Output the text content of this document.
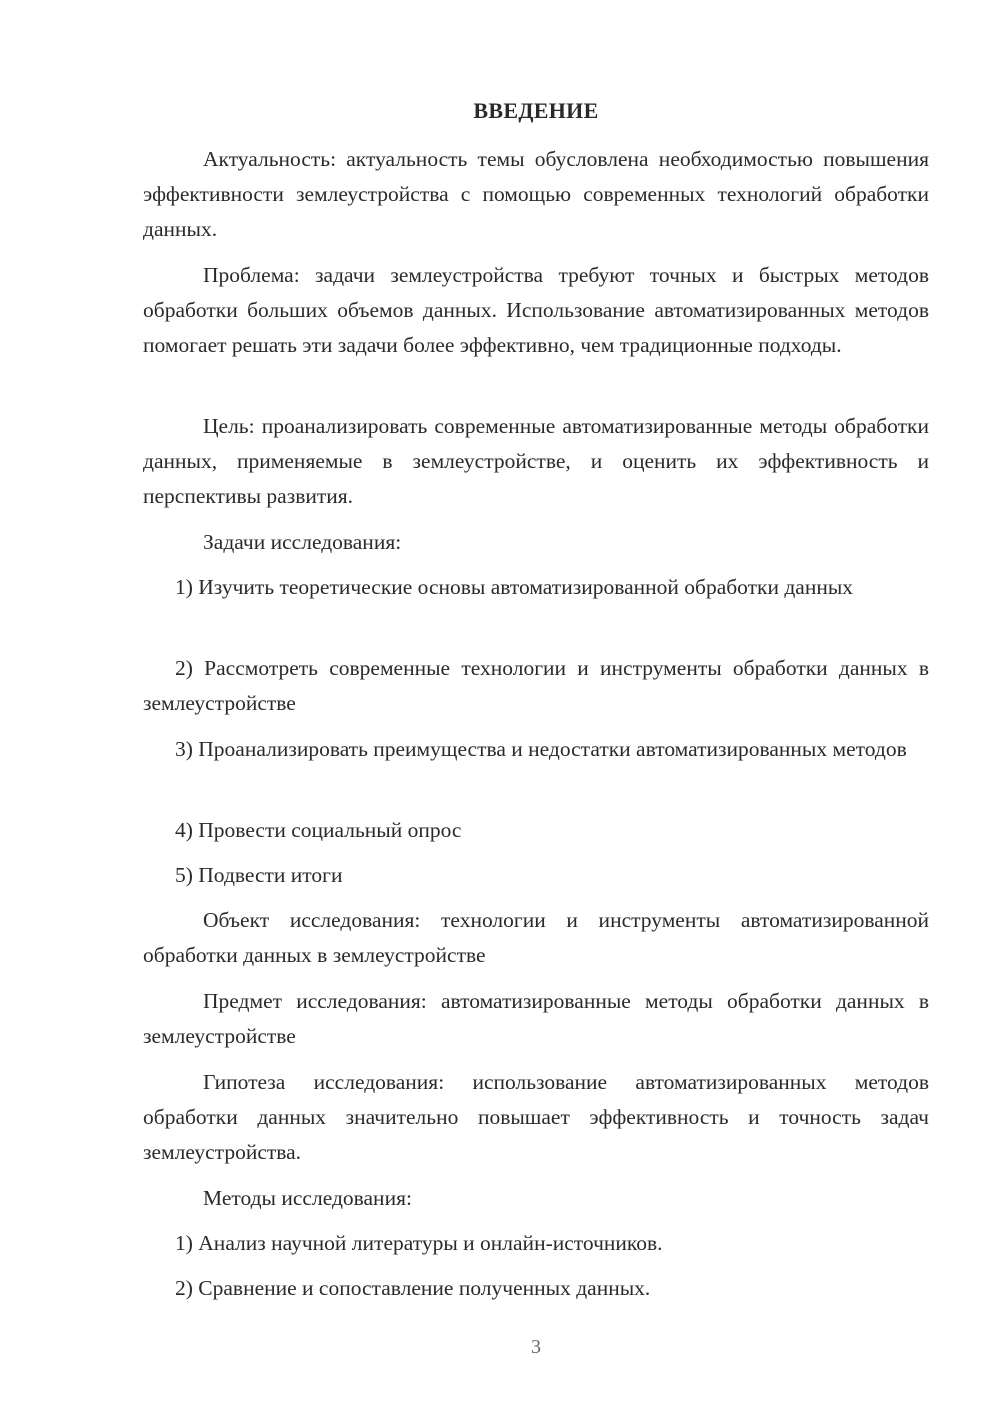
ВВЕДЕНИЕ
Актуальность: актуальность темы обусловлена необходимостью повышения эффективности землеустройства с помощью современных технологий обработки данных.
Проблема: задачи землеустройства требуют точных и быстрых методов обработки больших объемов данных. Использование автоматизированных методов помогает решать эти задачи более эффективно, чем традиционные подходы.
Цель: проанализировать современные автоматизированные методы обработки данных, применяемые в землеустройстве, и оценить их эффективность и перспективы развития.
Задачи исследования:
1) Изучить теоретические основы автоматизированной обработки данных
2) Рассмотреть современные технологии и инструменты обработки данных в землеустройстве
3) Проанализировать преимущества и недостатки автоматизированных методов
4) Провести социальный опрос
5) Подвести итоги
Объект исследования: технологии и инструменты автоматизированной обработки данных в землеустройстве
Предмет исследования: автоматизированные методы обработки данных в землеустройстве
Гипотеза исследования: использование автоматизированных методов обработки данных значительно повышает эффективность и точность задач землеустройства.
Методы исследования:
1) Анализ научной литературы и онлайн-источников.
2) Сравнение и сопоставление полученных данных.
3
